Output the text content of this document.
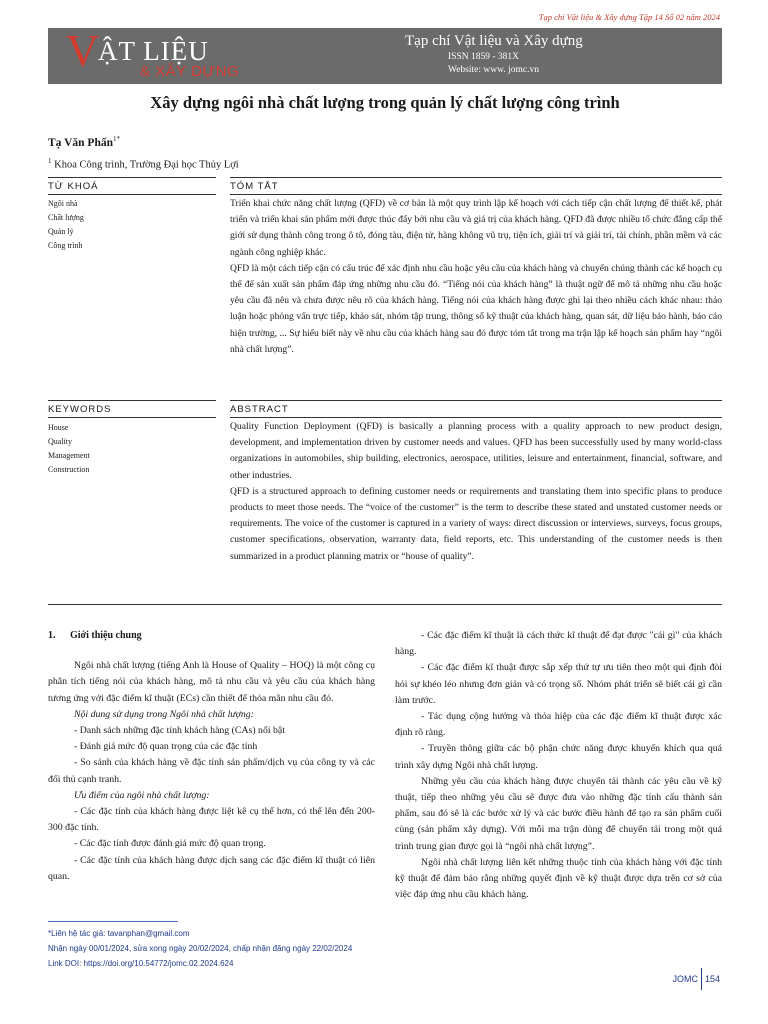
Tạp chí Vật liệu & Xây dựng Tập 14 Số 02 năm 2024
V
ẬT LIỆU
& XÂY DỰNG
Tạp chí Vật liệu và Xây dựng
ISSN 1859 - 381X
Website: www. jomc.vn
Xây dựng ngôi nhà chất lượng trong quản lý chất lượng công trình
Tạ Văn Phấn$^{1*}$
$^1$ Khoa Công trình, Trường Đại học Thủy Lợi
TỪ KHOÁ	TÓM TẮT
Ngôi nhà
Chất lượng
Quản lý
Công trình

Triển khai chức năng chất lượng (QFD) về cơ bản là một quy trình lập kế hoạch với cách tiếp cận chất lượng để thiết kế, phát triển và triển khai sản phẩm mới được thúc đẩy bởi nhu cầu và giá trị của khách hàng. QFD đã được nhiều tổ chức đẳng cấp thế giới sử dụng thành công trong ô tô, đóng tàu, điện tử, hàng không vũ trụ, tiện ích, giải trí và giải trí, tài chính, phần mềm và các ngành công nghiệp khác.

QFD là một cách tiếp cận có cấu trúc để xác định nhu cầu hoặc yêu cầu của khách hàng và chuyển chúng thành các kế hoạch cụ thể để sản xuất sản phẩm đáp ứng những nhu cầu đó. “Tiếng nói của khách hàng” là thuật ngữ để mô tả những nhu cầu hoặc yêu cầu đã nêu và chưa được nêu rõ của khách hàng. Tiếng nói của khách hàng được ghi lại theo nhiều cách khác nhau: thảo luận hoặc phỏng vấn trực tiếp, khảo sát, nhóm tập trung, thông số kỹ thuật của khách hàng, quan sát, dữ liệu bảo hành, báo cáo hiện trường, ... Sự hiểu biết này về nhu cầu của khách hàng sau đó được tóm tắt trong ma trận lập kế hoạch sản phẩm hay “ngôi nhà chất lượng”.

KEYWORDS	ABSTRACT
House
Quality
Management
Construction

Quality Function Deployment (QFD) is basically a planning process with a quality approach to new product design, development, and implementation driven by customer needs and values. QFD has been successfully used by many world-class organizations in automobiles, ship building, electronics, aerospace, utilities, leisure and entertainment, financial, software, and other industries.

QFD is a structured approach to defining customer needs or requirements and translating them into specific plans to produce products to meet those needs. The “voice of the customer” is the term to describe these stated and unstated customer needs or requirements. The voice of the customer is captured in a variety of ways: direct discussion or interviews, surveys, focus groups, customer specifications, observation, warranty data, field reports, etc. This understanding of the customer needs is then summarized in a product planning matrix or “house of quality”.

1. Giới thiệu chung

Ngôi nhà chất lượng (tiếng Anh là House of Quality – HOQ) là một công cụ phân tích tiếng nói của khách hàng, mô tả nhu cầu và yêu cầu của khách hàng tương ứng với đặc điểm kĩ thuật (ECs) cần thiết để thỏa mãn nhu cầu đó.

Nội dung sử dụng trong Ngôi nhà chất lượng:

- Danh sách những đặc tính khách hàng (CAs) nổi bật

- Đánh giá mức độ quan trọng của các đặc tính

- So sánh của khách hàng về đặc tính sản phẩm/dịch vụ của công ty và các đối thủ cạnh tranh.

Ưu điểm của ngôi nhà chất lượng:

- Các đặc tính của khách hàng được liệt kê cụ thể hơn, có thể lên đến 200-300 đặc tính.

- Các đặc tính được đánh giá mức độ quan trọng.

- Các đặc tính của khách hàng được dịch sang các đặc điểm kĩ thuật có liên quan.

- Các đặc điểm kĩ thuật là cách thức kĩ thuật để đạt được "cái gì" của khách hàng.

- Các đặc điểm kĩ thuật được sắp xếp thứ tự ưu tiên theo một qui định đòi hỏi sự khéo léo nhưng đơn giản và có trọng số. Nhóm phát triển sẽ biết cái gì cần làm trước.

- Tác dụng cộng hưởng và thỏa hiệp của các đặc điểm kĩ thuật được xác định rõ ràng.

- Truyền thông giữa các bộ phận chức năng được khuyến khích qua quá trình xây dựng Ngôi nhà chất lượng.

Những yêu cầu của khách hàng được chuyển tải thành các yêu cầu về kỹ thuật, tiếp theo những yêu cầu sẽ được đưa vào những đặc tính cấu thành sản phẩm, sau đó sẽ là các bước xử lý và các bước điều hành để tạo ra sản phẩm cuối cùng (sản phẩm xây dựng). Với mỗi ma trận dùng để chuyển tải trong một quá trình trung gian được gọi là “ngôi nhà chất lượng”.

Ngôi nhà chất lượng liên kết những thuộc tính của khách hàng với đặc tính kỹ thuật để đảm bảo rằng những quyết định về kỹ thuật được dựa trên cơ sở của việc đáp ứng nhu cầu khách hàng.

*Liên hệ tác giả: tavanphan@gmail.com
Nhận ngày 00/01/2024, sửa xong ngày 20/02/2024, chấp nhận đăng ngày 22/02/2024
Link DOI: https://doi.org/10.54772/jomc.02.2024.624
JOMC 154
